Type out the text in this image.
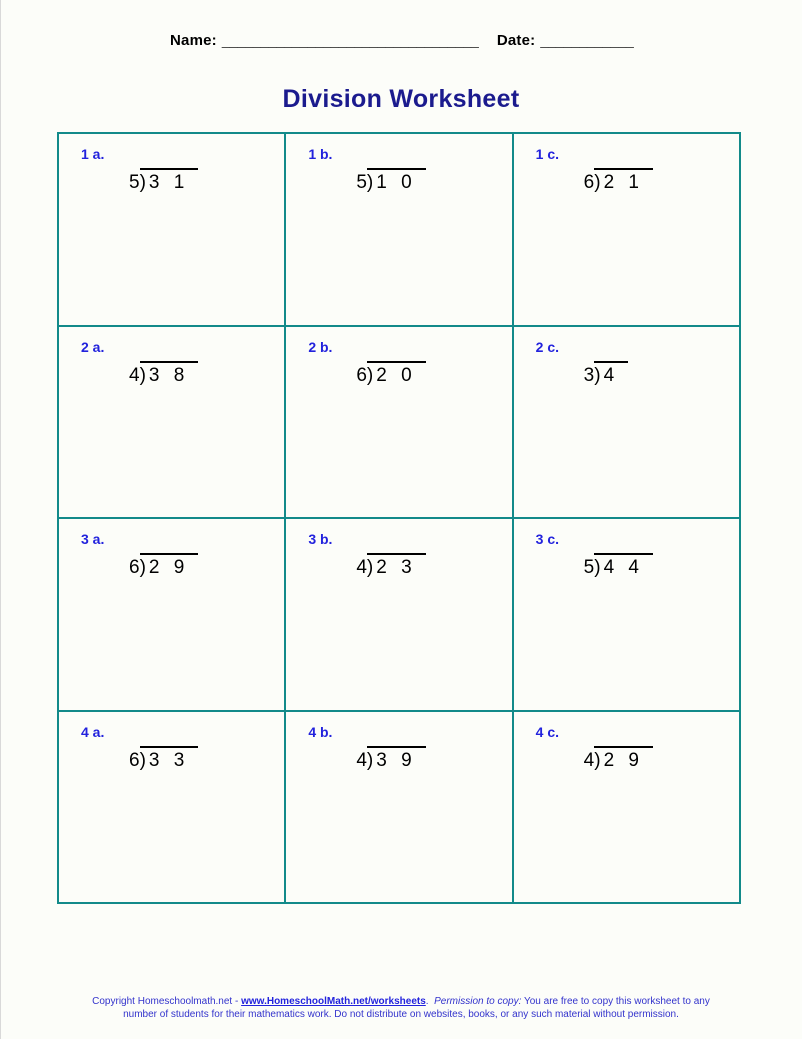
Name: _________________________________ Date: ____________
Division Worksheet
1 a.
5) 3 1
1 b.
5) 1 0
1 c.
6) 2 1
2 a.
4) 3 8
2 b.
6) 2 0
2 c.
3) 4
3 a.
6) 2 9
3 b.
4) 2 3
3 c.
5) 4 4
4 a.
6) 3 3
4 b.
4) 3 9
4 c.
4) 2 9
Copyright Homeschoolmath.net - www.HomeschoolMath.net/worksheets.  Permission to copy: You are free to copy this worksheet to any
number of students for their mathematics work. Do not distribute on websites, books, or any such material without permission.
